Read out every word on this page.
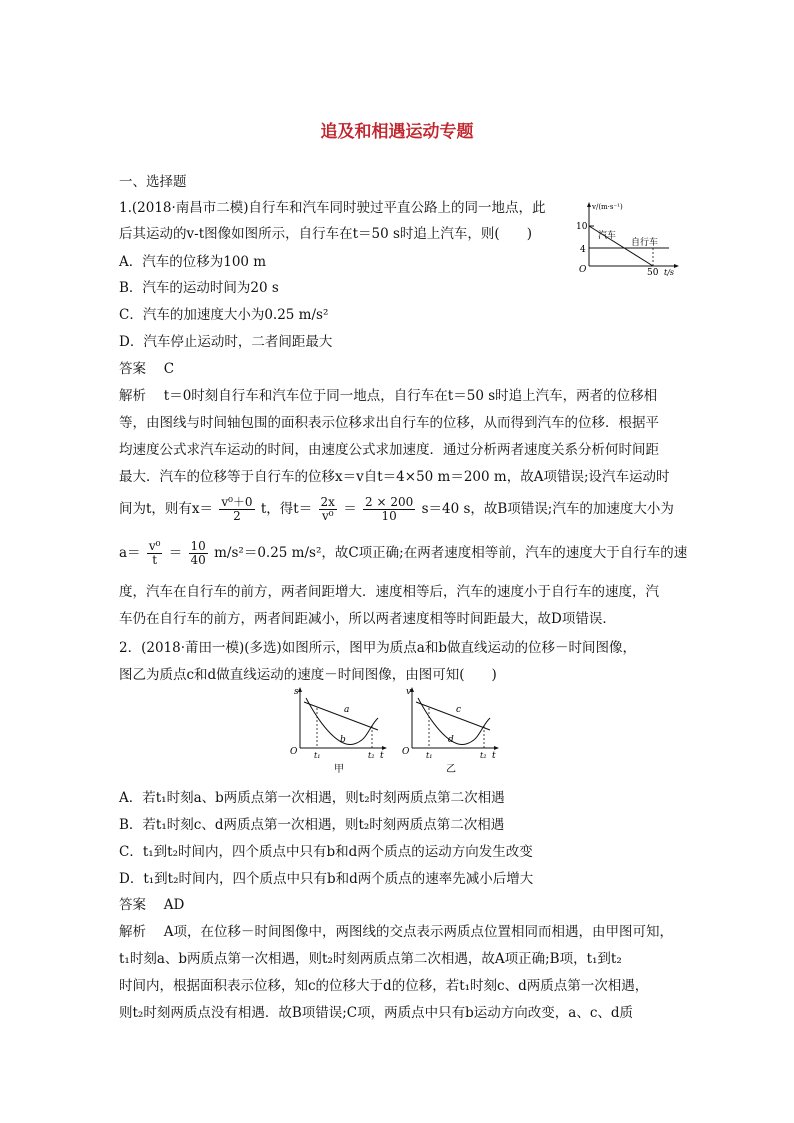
追及和相遇运动专题
一、选择题
1.(2018·南昌市二模)自行车和汽车同时驶过平直公路上的同一地点，此
后其运动的v-t图像如图所示，自行车在t＝50 s时追上汽车，则(　　)
A．汽车的位移为100 m
B．汽车的运动时间为20 s
C．汽车的加速度大小为0.25 m/s²
D．汽车停止运动时，二者间距最大
答案　 C
解析　 t＝0时刻自行车和汽车位于同一地点，自行车在t＝50 s时追上汽车，两者的位移相
等，由图线与时间轴包围的面积表示位移求出自行车的位移，从而得到汽车的位移．根据平
均速度公式求汽车运动的时间，由速度公式求加速度．通过分析两者速度关系分析何时间距
最大．汽车的位移等于自行车的位移x＝v自t＝4×50 m＝200 m，故A项错误;设汽车运动时
间为t，则有$x= \frac{\text{v⁰＋0}}{2}$ t，得$t= \frac{2x}{\text{v⁰}} = \frac{2 \times 200}{10} s=40$ s，故B项错误;汽车的加速度大小为
$a= \frac{\text{v⁰}}{t} = \frac{10}{40} m/s^2=0.25$ m/s²，故C项正确;在两者速度相等前，汽车的速度大于自行车的速
度，汽车在自行车的前方，两者间距增大．速度相等后，汽车的速度小于自行车的速度，汽
车仍在自行车的前方，两者间距减小，所以两者速度相等时间距最大，故D项错误．
v/(m·s⁻¹)
10
4
O	50 t/s
汽车
自行车
2．(2018·莆田一模)(多选)如图所示，图甲为质点a和b做直线运动的位移－时间图像，
图乙为质点c和d做直线运动的速度－时间图像，由图可知(　　)
s
t
O t₁	t₂
a
b
甲
v
t
O t₁	t₂
c
d
乙
A．若t₁时刻a、b两质点第一次相遇，则t₂时刻两质点第二次相遇
B．若t₁时刻c、d两质点第一次相遇，则t₂时刻两质点第二次相遇
C．t₁到t₂时间内，四个质点中只有b和d两个质点的运动方向发生改变
D．t₁到t₂时间内，四个质点中只有b和d两个质点的速率先减小后增大
答案　 AD
解析　 A项，在位移－时间图像中，两图线的交点表示两质点位置相同而相遇，由甲图可知，
t₁时刻a、b两质点第一次相遇，则t₂时刻两质点第二次相遇，故A项正确;B项，t₁到t₂
时间内，根据面积表示位移，知c的位移大于d的位移，若t₁时刻c、d两质点第一次相遇，
则t₂时刻两质点没有相遇．故B项错误;C项，两质点中只有b运动方向改变，a、c、d质
